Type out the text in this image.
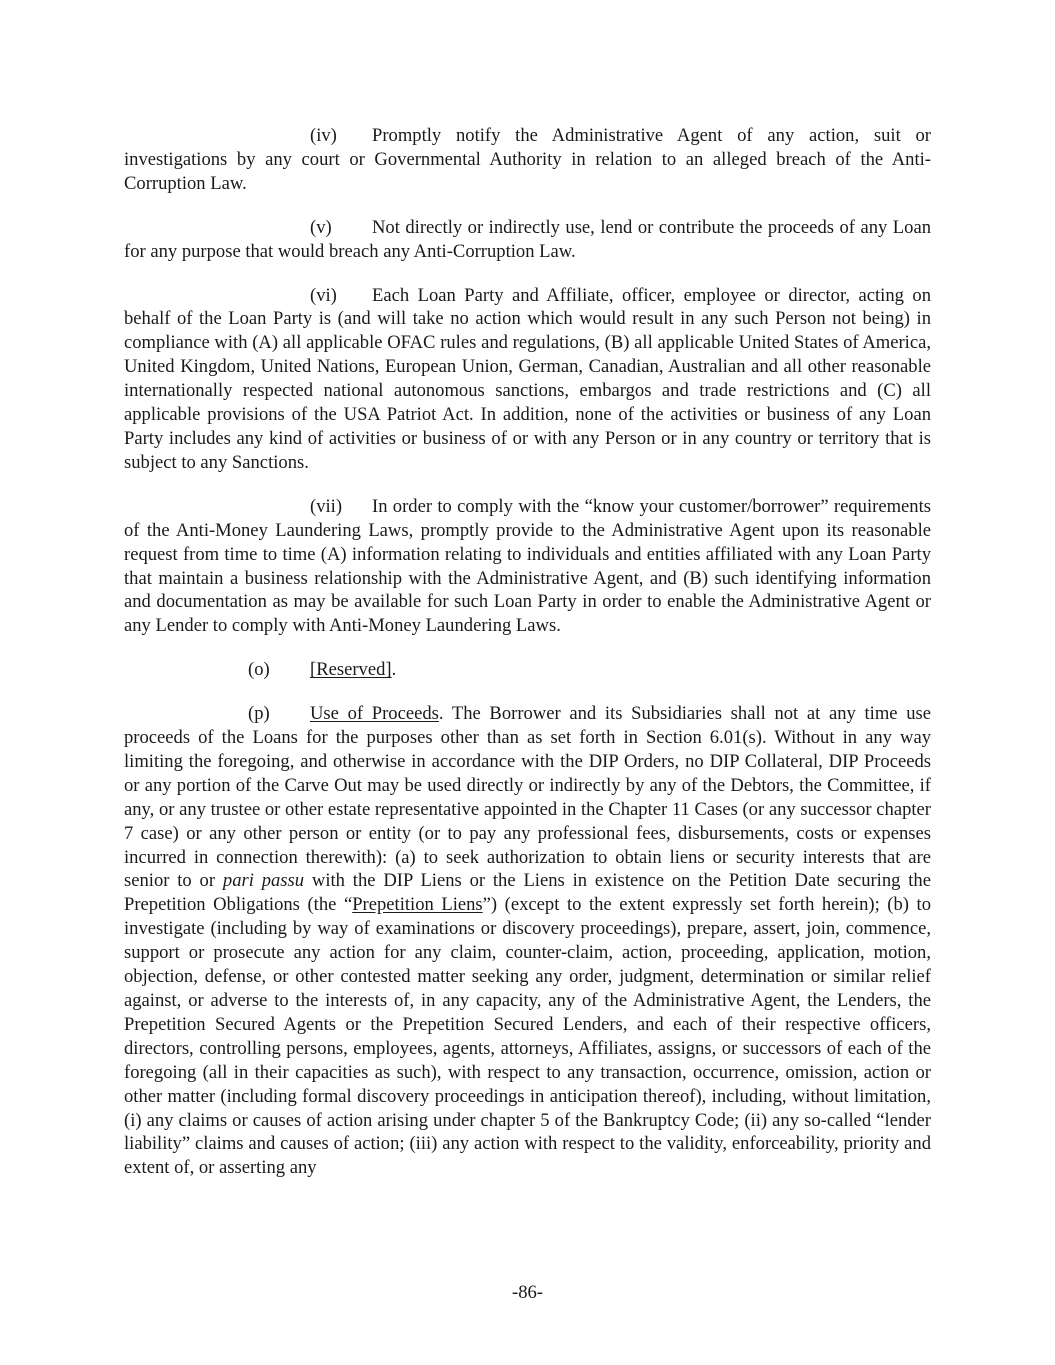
(iv) Promptly notify the Administrative Agent of any action, suit or investigations by any court or Governmental Authority in relation to an alleged breach of the Anti-Corruption Law.

(v) Not directly or indirectly use, lend or contribute the proceeds of any Loan for any purpose that would breach any Anti-Corruption Law.

(vi) Each Loan Party and Affiliate, officer, employee or director, acting on behalf of the Loan Party is (and will take no action which would result in any such Person not being) in compliance with (A) all applicable OFAC rules and regulations, (B) all applicable United States of America, United Kingdom, United Nations, European Union, German, Canadian, Australian and all other reasonable internationally respected national autonomous sanctions, embargos and trade restrictions and (C) all applicable provisions of the USA Patriot Act. In addition, none of the activities or business of any Loan Party includes any kind of activities or business of or with any Person or in any country or territory that is subject to any Sanctions.

(vii) In order to comply with the “know your customer/borrower” requirements of the Anti-Money Laundering Laws, promptly provide to the Administrative Agent upon its reasonable request from time to time (A) information relating to individuals and entities affiliated with any Loan Party that maintain a business relationship with the Administrative Agent, and (B) such identifying information and documentation as may be available for such Loan Party in order to enable the Administrative Agent or any Lender to comply with Anti-Money Laundering Laws.

(o) [Reserved].

(p) Use of Proceeds. The Borrower and its Subsidiaries shall not at any time use proceeds of the Loans for the purposes other than as set forth in Section 6.01(s). Without in any way limiting the foregoing, and otherwise in accordance with the DIP Orders, no DIP Collateral, DIP Proceeds or any portion of the Carve Out may be used directly or indirectly by any of the Debtors, the Committee, if any, or any trustee or other estate representative appointed in the Chapter 11 Cases (or any successor chapter 7 case) or any other person or entity (or to pay any professional fees, disbursements, costs or expenses incurred in connection therewith): (a) to seek authorization to obtain liens or security interests that are senior to or pari passu with the DIP Liens or the Liens in existence on the Petition Date securing the Prepetition Obligations (the “Prepetition Liens”) (except to the extent expressly set forth herein); (b) to investigate (including by way of examinations or discovery proceedings), prepare, assert, join, commence, support or prosecute any action for any claim, counter-claim, action, proceeding, application, motion, objection, defense, or other contested matter seeking any order, judgment, determination or similar relief against, or adverse to the interests of, in any capacity, any of the Administrative Agent, the Lenders, the Prepetition Secured Agents or the Prepetition Secured Lenders, and each of their respective officers, directors, controlling persons, employees, agents, attorneys, Affiliates, assigns, or successors of each of the foregoing (all in their capacities as such), with respect to any transaction, occurrence, omission, action or other matter (including formal discovery proceedings in anticipation thereof), including, without limitation, (i) any claims or causes of action arising under chapter 5 of the Bankruptcy Code; (ii) any so-called “lender liability” claims and causes of action; (iii) any action with respect to the validity, enforceability, priority and extent of, or asserting any

-86-
